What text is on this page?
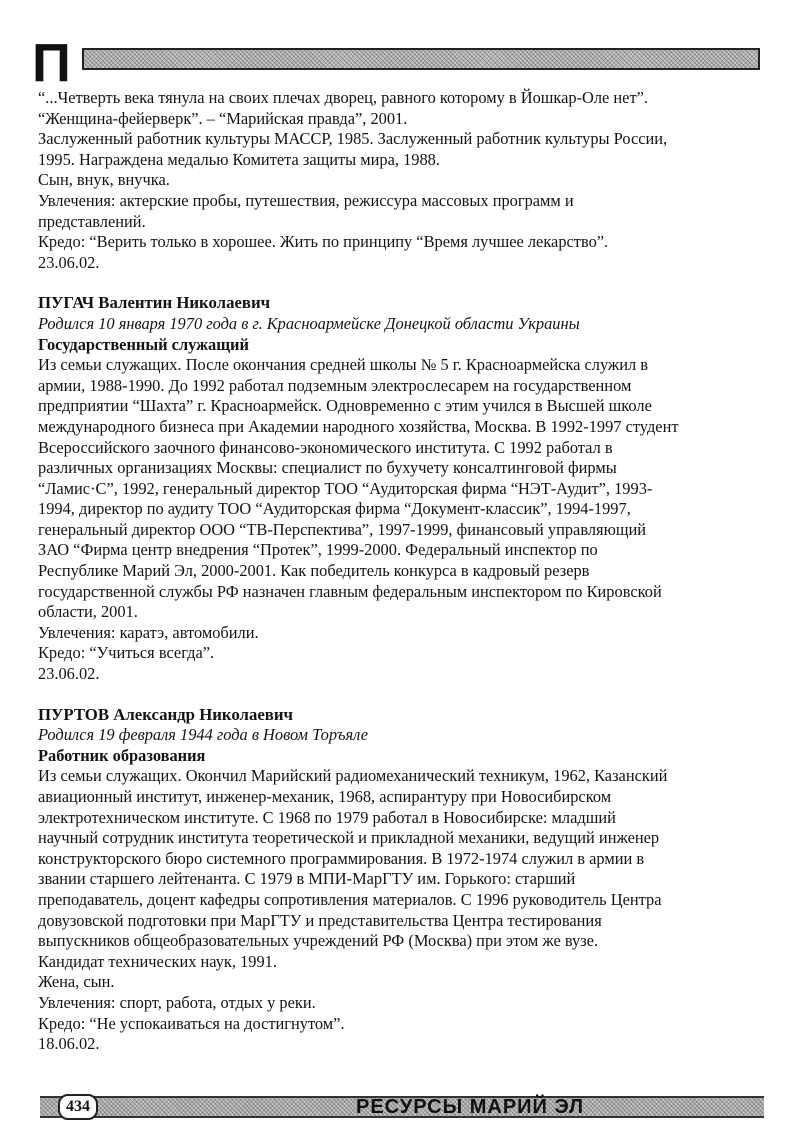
П

“...Четверть века тянула на своих плечах дворец, равного которому в Йошкар-Оле нет”.

“Женщина-фейерверк”. – “Марийская правда”, 2001.

Заслуженный работник культуры МАССР, 1985. Заслуженный работник культуры России,

1995. Награждена медалью Комитета защиты мира, 1988.

Сын, внук, внучка.

Увлечения: актерские пробы, путешествия, режиссура массовых программ и

представлений.

Кредо: “Верить только в хорошее. Жить по принципу “Время лучшее лекарство”.

23.06.02.

ПУГАЧ Валентин Николаевич

Родился 10 января 1970 года в г. Красноармейске Донецкой области Украины

Государственный служащий

Из семьи служащих. После окончания средней школы № 5 г. Красноармейска служил в

армии, 1988-1990. До 1992 работал подземным электрослесарем на государственном

предприятии “Шахта” г. Красноармейск. Одновременно с этим учился в Высшей школе

международного бизнеса при Академии народного хозяйства, Москва. В 1992-1997 студент

Всероссийского заочного финансово-экономического института. С 1992 работал в

различных организациях Москвы: специалист по бухучету консалтинговой фирмы

“Ламис·С”, 1992, генеральный директор ТОО “Аудиторская фирма “НЭТ-Аудит”, 1993-

1994, директор по аудиту ТОО “Аудиторская фирма “Документ-классик”, 1994-1997,

генеральный директор ООО “ТВ-Перспектива”, 1997-1999, финансовый управляющий

ЗАО “Фирма центр внедрения “Протек”, 1999-2000. Федеральный инспектор по

Республике Марий Эл, 2000-2001. Как победитель конкурса в кадровый резерв

государственной службы РФ назначен главным федеральным инспектором по Кировской

области, 2001.

Увлечения: каратэ, автомобили.

Кредо: “Учиться всегда”.

23.06.02.

ПУРТОВ Александр Николаевич

Родился 19 февраля 1944 года в Новом Торъяле

Работник образования

Из семьи служащих. Окончил Марийский радиомеханический техникум, 1962, Казанский

авиационный институт, инженер-механик, 1968, аспирантуру при Новосибирском

электротехническом институте. С 1968 по 1979 работал в Новосибирске: младший

научный сотрудник института теоретической и прикладной механики, ведущий инженер

конструкторского бюро системного программирования. В 1972-1974 служил в армии в

звании старшего лейтенанта. С 1979 в МПИ-МарГТУ им. Горького: старший

преподаватель, доцент кафедры сопротивления материалов. С 1996 руководитель Центра

довузовской подготовки при МарГТУ и представительства Центра тестирования

выпускников общеобразовательных учреждений РФ (Москва) при этом же вузе.

Кандидат технических наук, 1991.

Жена, сын.

Увлечения: спорт, работа, отдых у реки.

Кредо: “Не успокаиваться на достигнутом”.

18.06.02.

434	РЕСУРСЫ МАРИЙ ЭЛ
